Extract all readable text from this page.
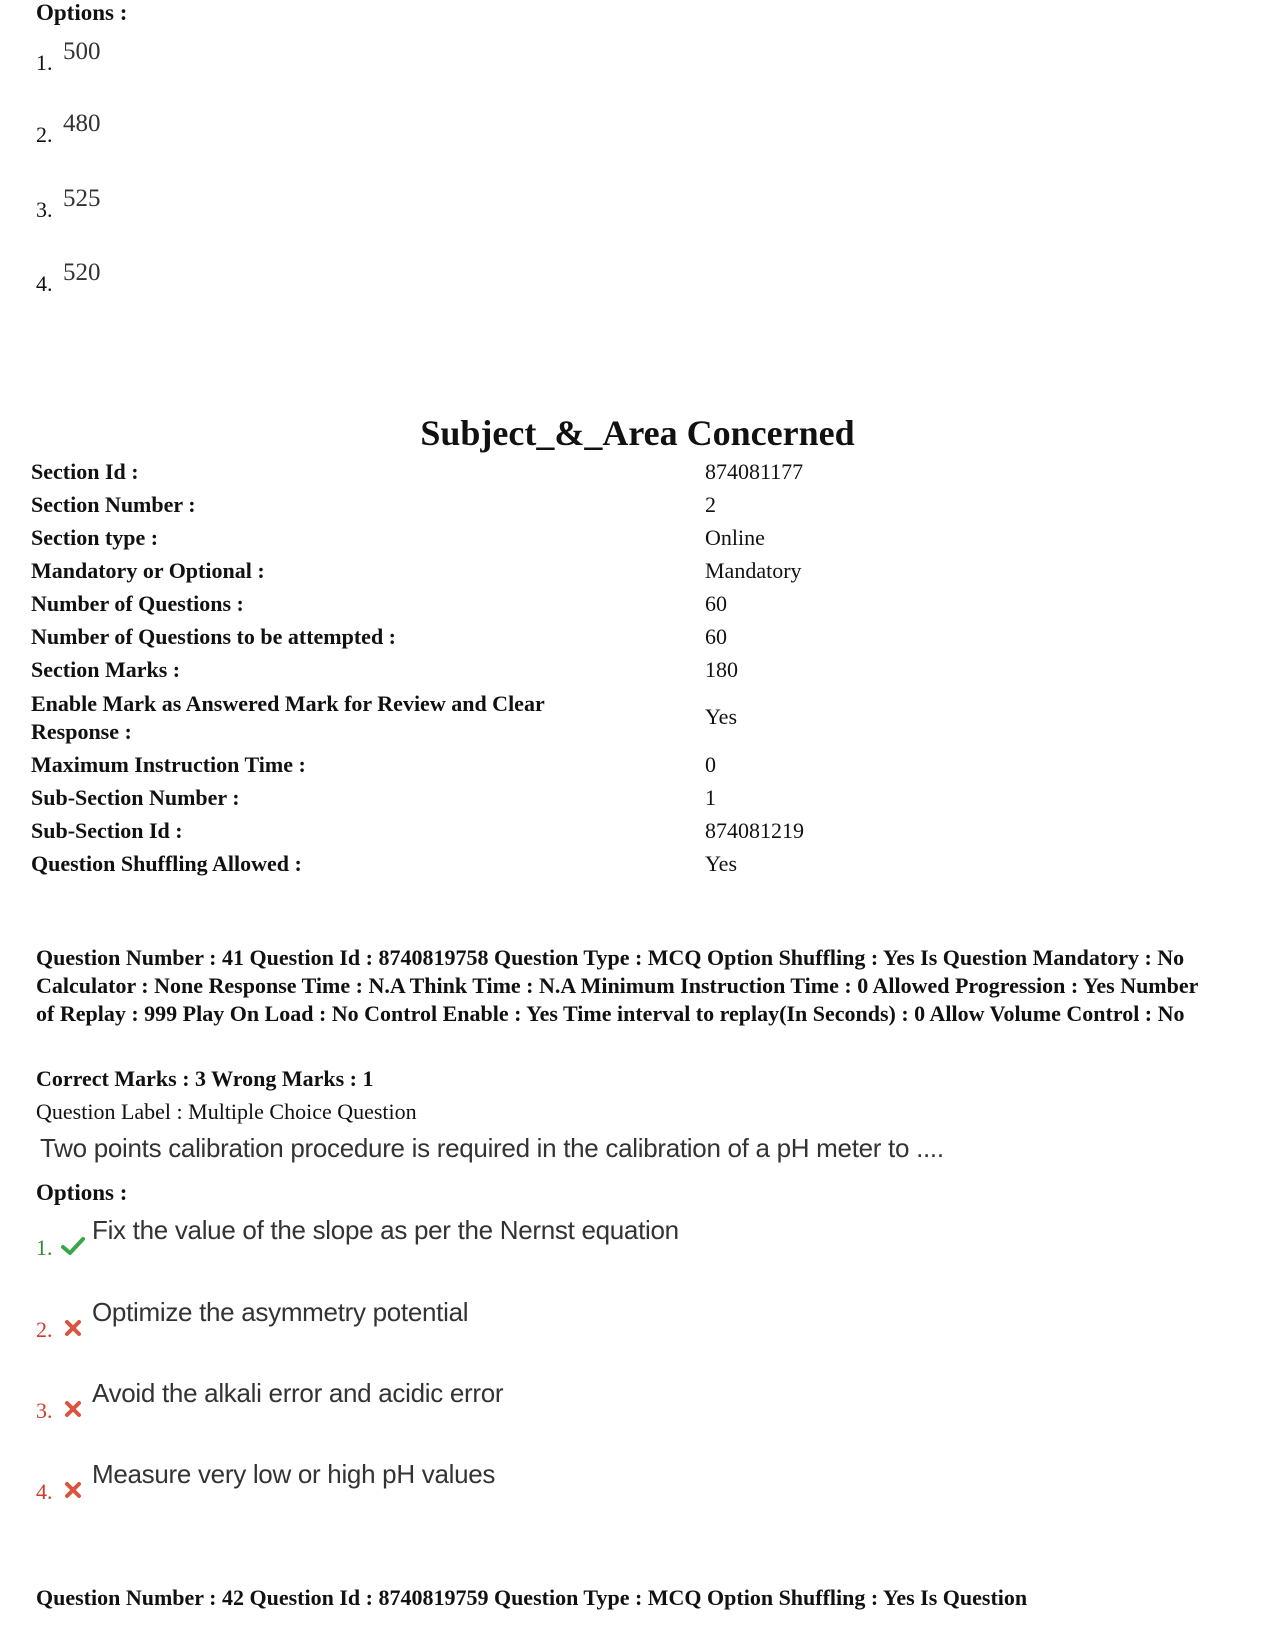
Options :
1. 500
2. 480
3. 525
4. 520
Subject_&_Area Concerned
Section Id :	874081177
Section Number :	2
Section type :	Online
Mandatory or Optional :	Mandatory
Number of Questions :	60
Number of Questions to be attempted :	60
Section Marks :	180
Enable Mark as Answered Mark for Review and Clear Response :
Yes
Maximum Instruction Time :	0
Sub-Section Number :	1
Sub-Section Id :	874081219
Question Shuffling Allowed :	Yes
Question Number : 41 Question Id : 8740819758 Question Type : MCQ Option Shuffling : Yes Is Question Mandatory : No Calculator : None Response Time : N.A Think Time : N.A Minimum Instruction Time : 0 Allowed Progression : Yes Number of Replay : 999 Play On Load : No Control Enable : Yes Time interval to replay(In Seconds) : 0 Allow Volume Control : No
Correct Marks : 3 Wrong Marks : 1
Question Label : Multiple Choice Question
Two points calibration procedure is required in the calibration of a pH meter to ....
Options :
1.
Fix the value of the slope as per the Nernst equation
2.
Optimize the asymmetry potential
3.
Avoid the alkali error and acidic error
4.
Measure very low or high pH values
Question Number : 42 Question Id : 8740819759 Question Type : MCQ Option Shuffling : Yes Is Question
